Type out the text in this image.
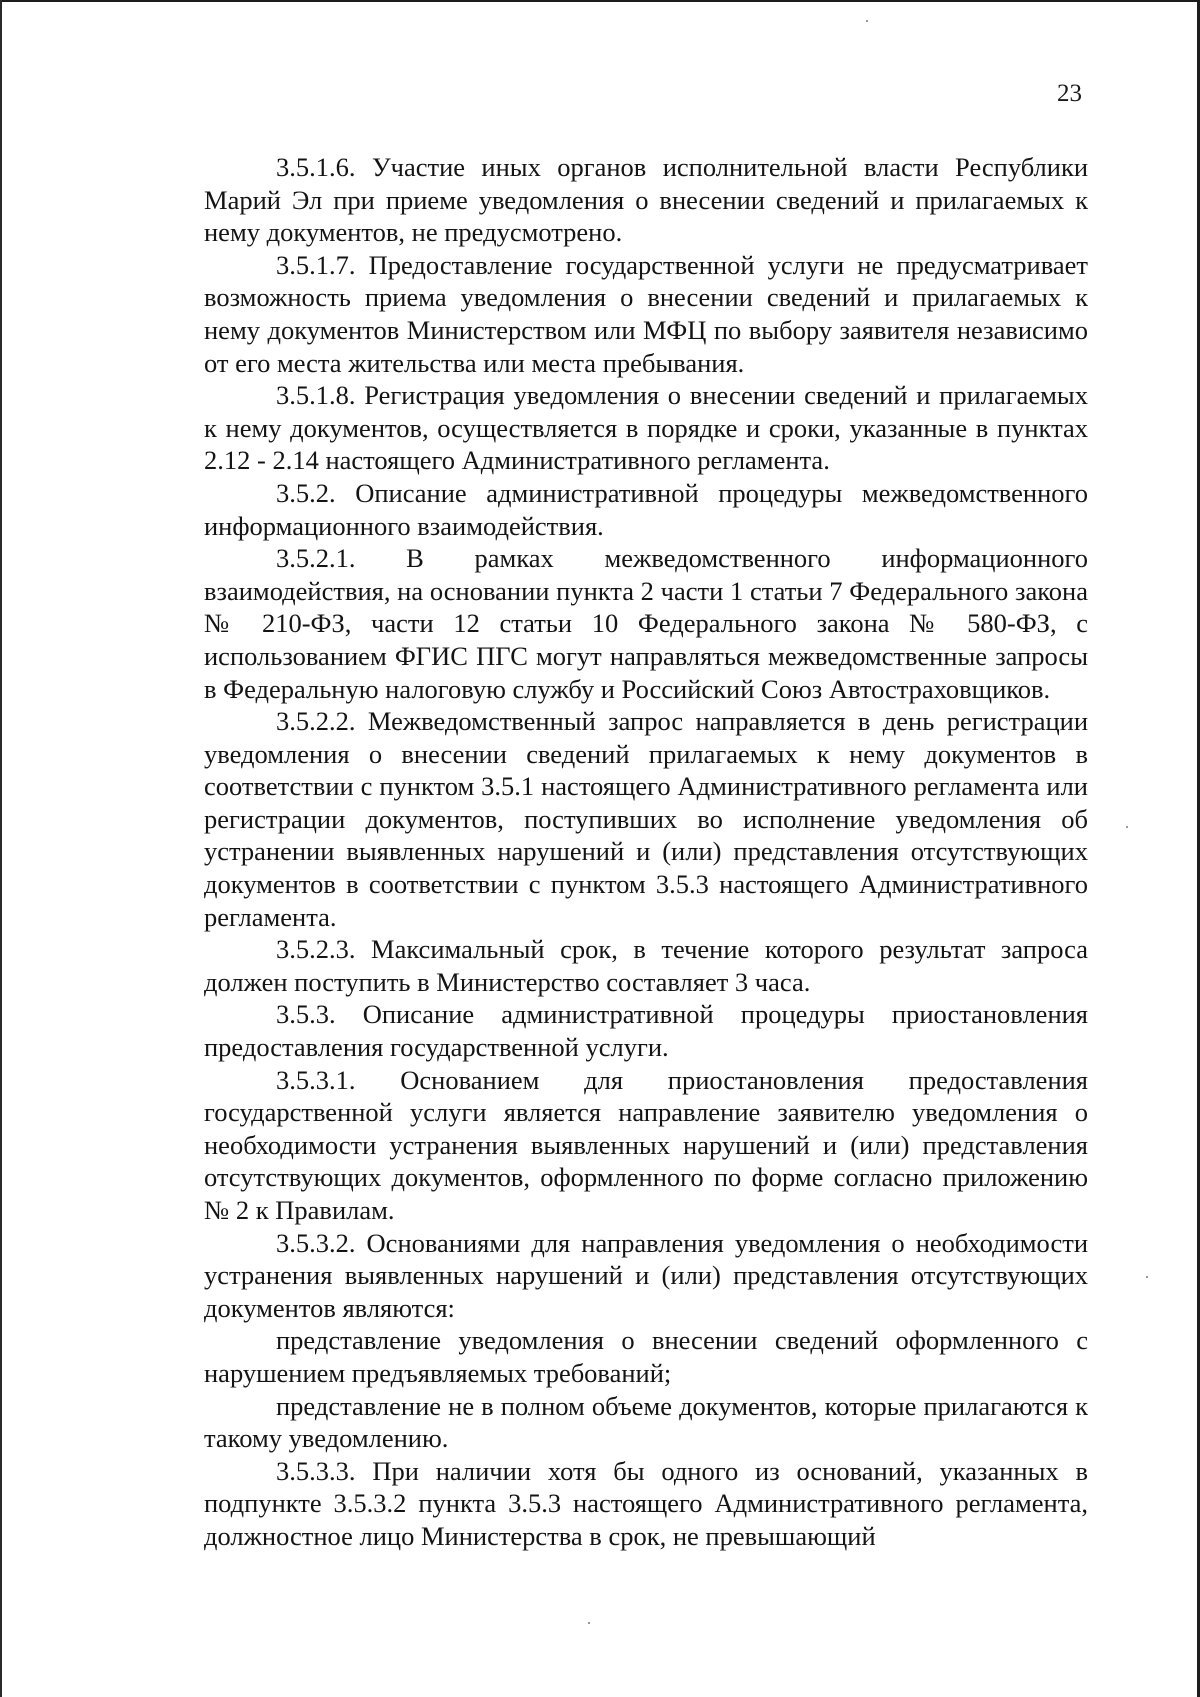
23

3.5.1.6. Участие иных органов исполнительной власти Республики Марий Эл при приеме уведомления о внесении сведений и прилагаемых к нему документов, не предусмотрено.

3.5.1.7. Предоставление государственной услуги не предусматривает возможность приема уведомления о внесении сведений и прилагаемых к нему документов Министерством или МФЦ по выбору заявителя независимо от его места жительства или места пребывания.

3.5.1.8. Регистрация уведомления о внесении сведений и прилагаемых к нему документов, осуществляется в порядке и сроки, указанные в пунктах 2.12 - 2.14 настоящего Административного регламента.

3.5.2. Описание административной процедуры межведомственного информационного взаимодействия.

3.5.2.1. В рамках межведомственного информационного взаимодействия, на основании пункта 2 части 1 статьи 7 Федерального закона № 210-ФЗ, части 12 статьи 10 Федерального закона № 580-ФЗ, с использованием ФГИС ПГС могут направляться межведомственные запросы в Федеральную налоговую службу и Российский Союз Автостраховщиков.

3.5.2.2. Межведомственный запрос направляется в день регистрации уведомления о внесении сведений прилагаемых к нему документов в соответствии с пунктом 3.5.1 настоящего Административного регламента или регистрации документов, поступивших во исполнение уведомления об устранении выявленных нарушений и (или) представления отсутствующих документов в соответствии с пунктом 3.5.3 настоящего Административного регламента.

3.5.2.3. Максимальный срок, в течение которого результат запроса должен поступить в Министерство составляет 3 часа.

3.5.3. Описание административной процедуры приостановления предоставления государственной услуги.

3.5.3.1. Основанием для приостановления предоставления государственной услуги является направление заявителю уведомления о необходимости устранения выявленных нарушений и (или) представления отсутствующих документов, оформленного по форме согласно приложению № 2 к Правилам.

3.5.3.2. Основаниями для направления уведомления о необходимости устранения выявленных нарушений и (или) представления отсутствующих документов являются:

представление уведомления о внесении сведений оформленного с нарушением предъявляемых требований;

представление не в полном объеме документов, которые прилагаются к такому уведомлению.

3.5.3.3. При наличии хотя бы одного из оснований, указанных в подпункте 3.5.3.2 пункта 3.5.3 настоящего Административного регламента, должностное лицо Министерства в срок, не превышающий
